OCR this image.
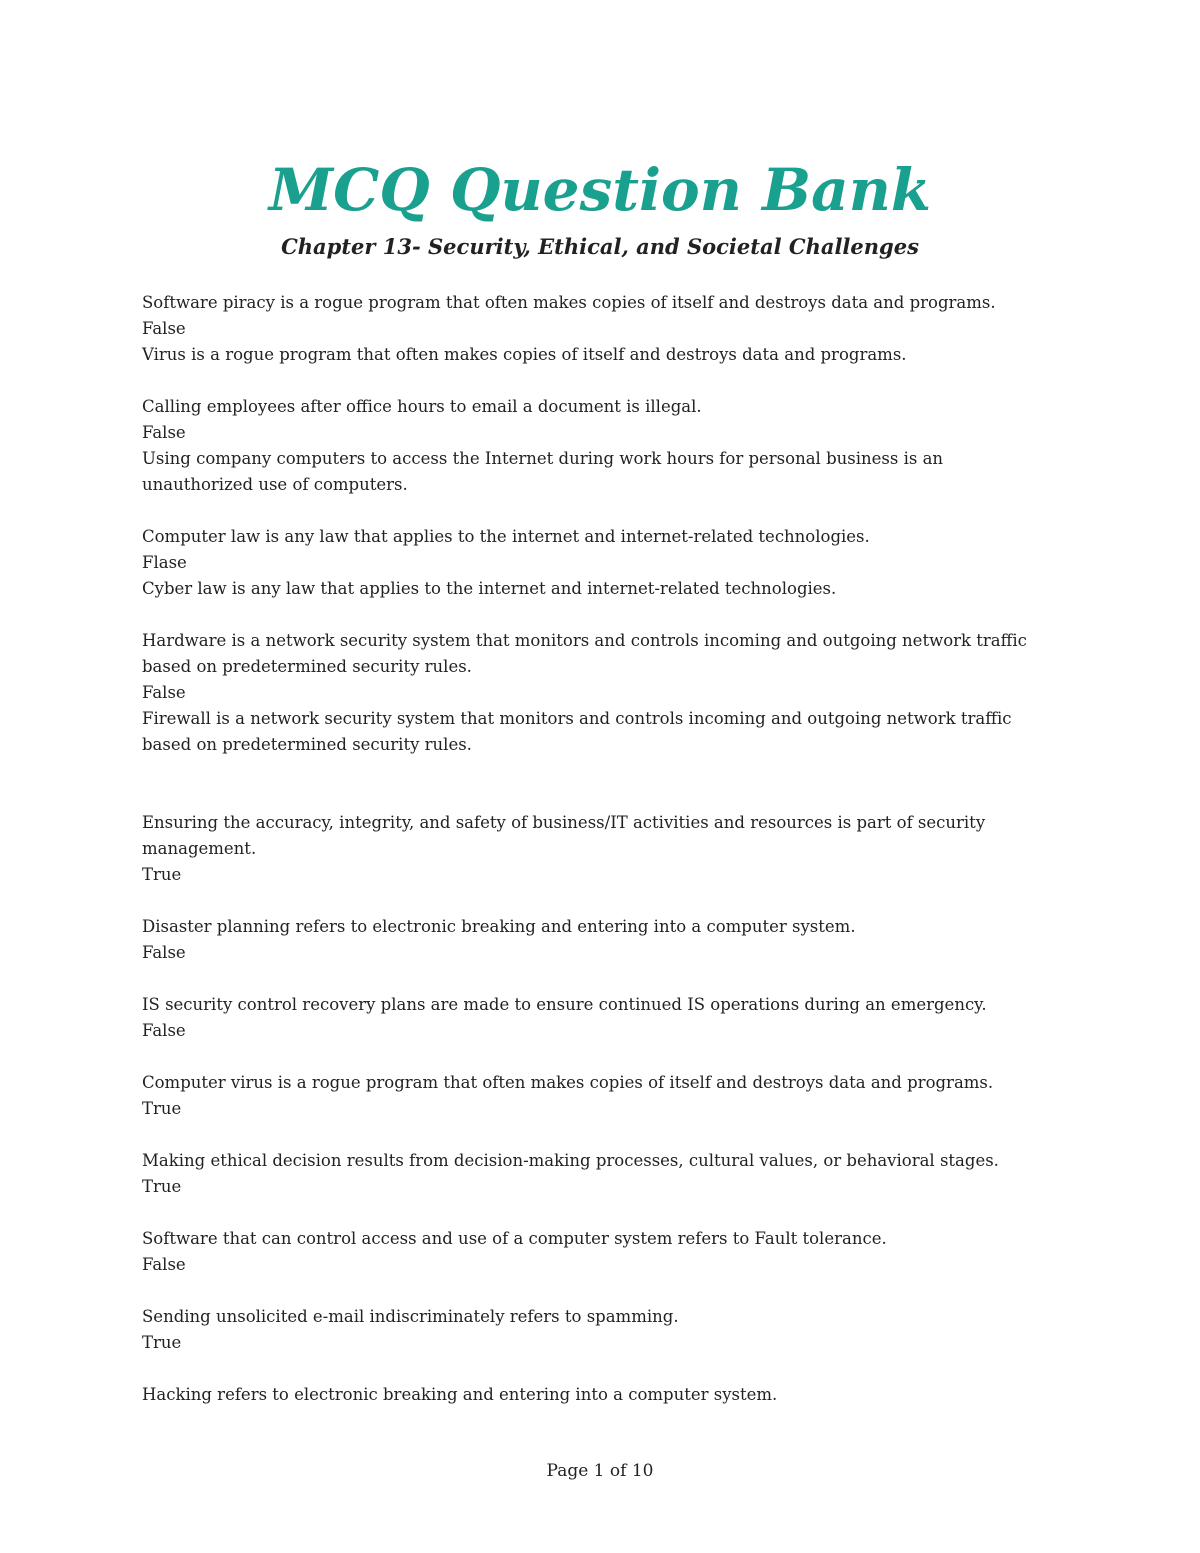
MCQ Question Bank
Chapter 13- Security, Ethical, and Societal Challenges

Software piracy is a rogue program that often makes copies of itself and destroys data and programs.

False

Virus is a rogue program that often makes copies of itself and destroys data and programs.

Calling employees after office hours to email a document is illegal.

False

Using company computers to access the Internet during work hours for personal business is an

unauthorized use of computers.

Computer law is any law that applies to the internet and internet-related technologies.

Flase

Cyber law is any law that applies to the internet and internet-related technologies.

Hardware is a network security system that monitors and controls incoming and outgoing network traffic

based on predetermined security rules.

False

Firewall is a network security system that monitors and controls incoming and outgoing network traffic

based on predetermined security rules.

Ensuring the accuracy, integrity, and safety of business/IT activities and resources is part of security

management.

True

Disaster planning refers to electronic breaking and entering into a computer system.

False

IS security control recovery plans are made to ensure continued IS operations during an emergency.

False

Computer virus is a rogue program that often makes copies of itself and destroys data and programs.

True

Making ethical decision results from decision-making processes, cultural values, or behavioral stages.

True

Software that can control access and use of a computer system refers to Fault tolerance.

False

Sending unsolicited e-mail indiscriminately refers to spamming.

True

Hacking refers to electronic breaking and entering into a computer system.

Page 1 of 10
